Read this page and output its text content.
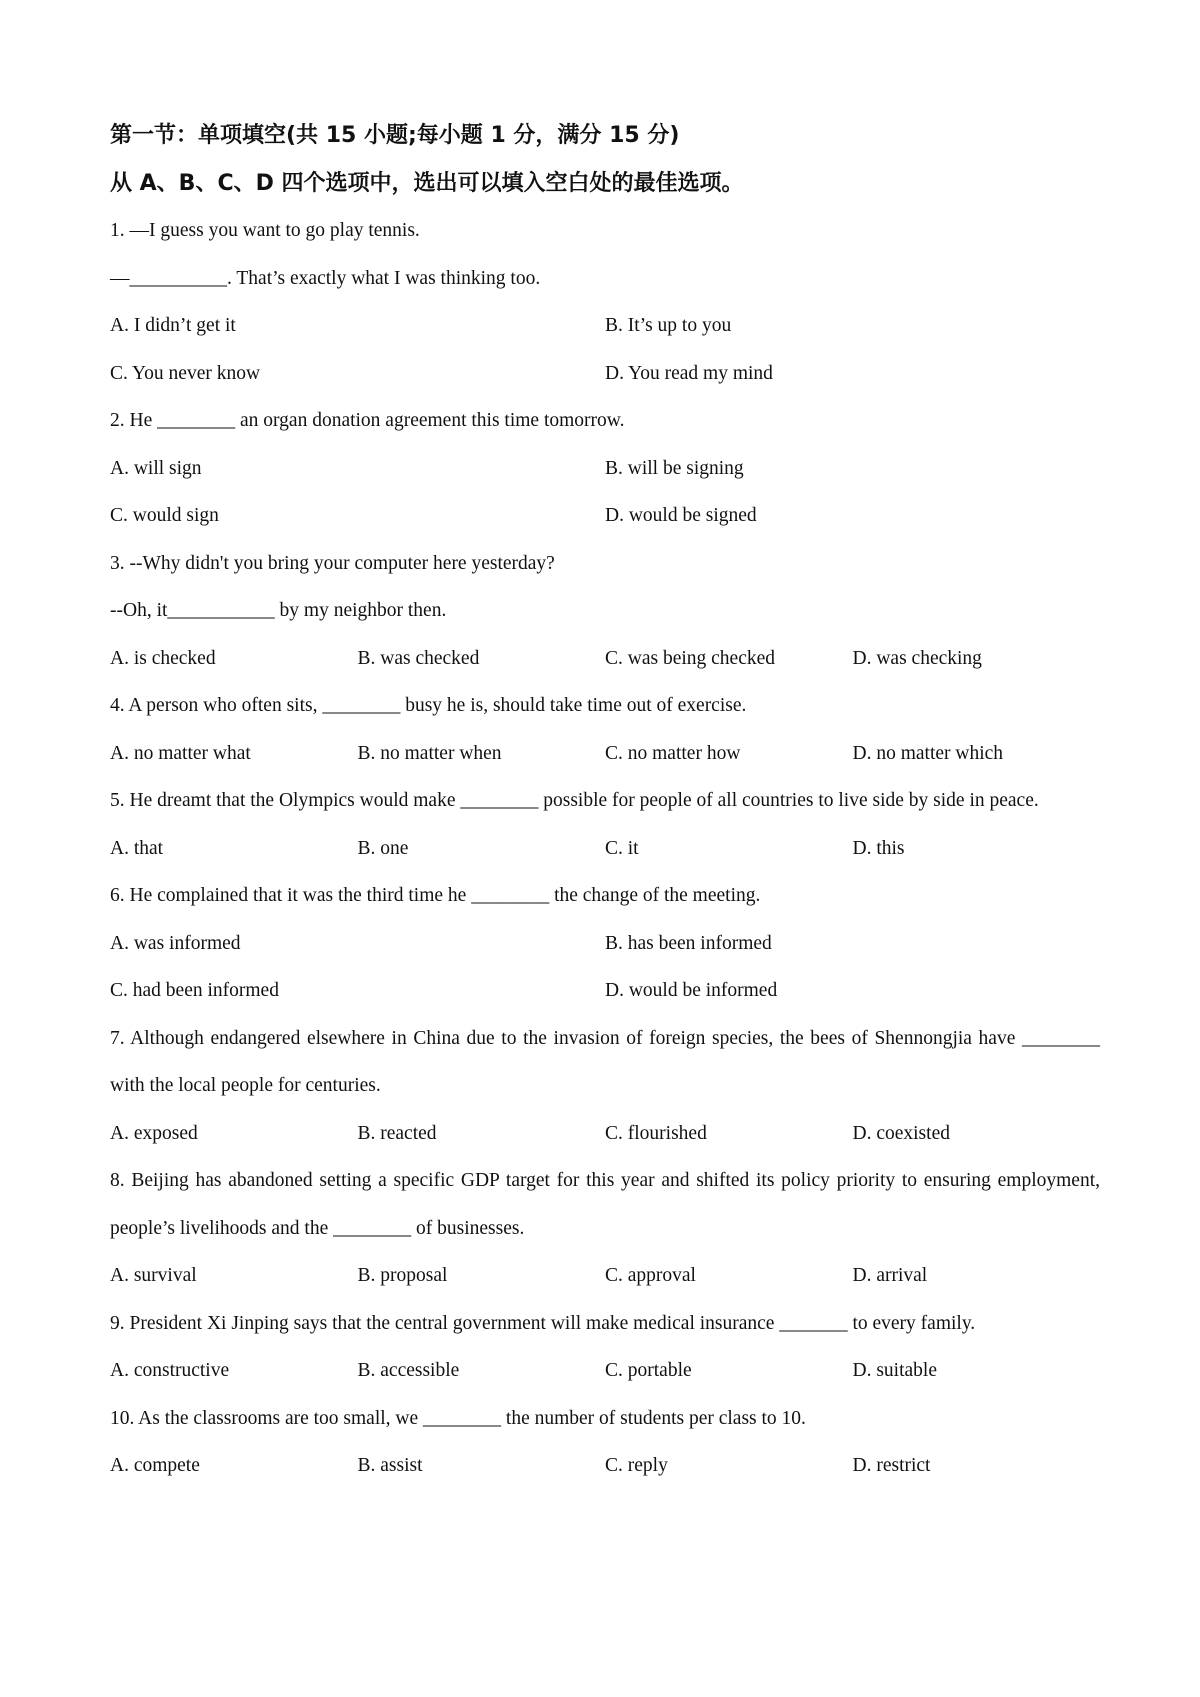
第一节：单项填空(共 15 小题;每小题 1 分，满分 15 分)
从 A、B、C、D 四个选项中，选出可以填入空白处的最佳选项。
1. —I guess you want to go play tennis.
—__________. That’s exactly what I was thinking too.
A. I didn’t get it	B. It’s up to you
C. You never know	D. You read my mind
2. He ________ an organ donation agreement this time tomorrow.
A. will sign	B. will be signing
C. would sign	D. would be signed
3. --Why didn't you bring your computer here yesterday?
--Oh, it___________ by my neighbor then.
A. is checked	B. was checked	C. was being checked	D. was checking
4. A person who often sits, ________ busy he is, should take time out of exercise.
A. no matter what	B. no matter when	C. no matter how	D. no matter which
5. He dreamt that the Olympics would make ________ possible for people of all countries to live side by side in peace.
A. that	B. one	C. it	D. this
6. He complained that it was the third time he ________ the change of the meeting.
A. was informed	B. has been informed
C. had been informed	D. would be informed
7. Although endangered elsewhere in China due to the invasion of foreign species, the bees of Shennongjia have ________ with the local people for centuries.
A. exposed	B. reacted	C. flourished	D. coexisted
8. Beijing has abandoned setting a specific GDP target for this year and shifted its policy priority to ensuring employment, people’s livelihoods and the ________ of businesses.
A. survival	B. proposal	C. approval	D. arrival
9. President Xi Jinping says that the central government will make medical insurance _______ to every family.
A. constructive	B. accessible	C. portable	D. suitable
10. As the classrooms are too small, we ________ the number of students per class to 10.
A. compete	B. assist	C. reply	D. restrict
